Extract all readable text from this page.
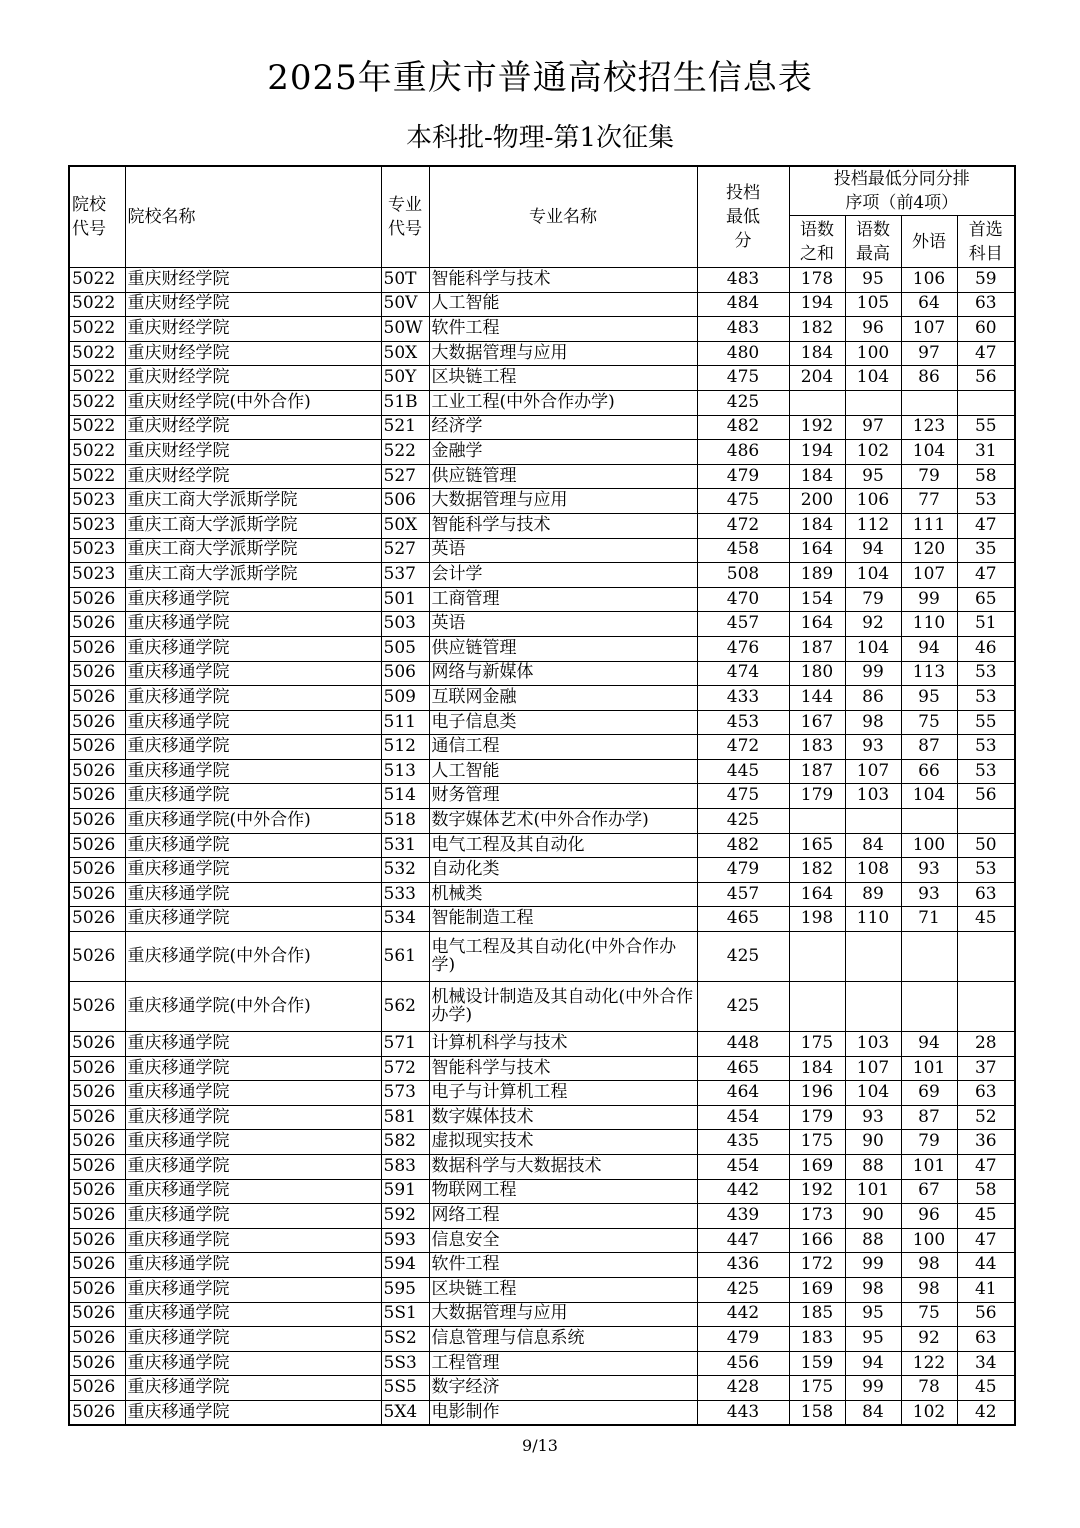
2025年重庆市普通高校招生信息表
本科批-物理-第1次征集
院校代号	院校名称	专业代号	专业名称	投档最低分	投档最低分同分排序项（前4项）			
					语数之和	语数最高	外语	首选科目
5022	重庆财经学院	50T	智能科学与技术	483	178	95	106	59
5022	重庆财经学院	50V	人工智能	484	194	105	64	63
5022	重庆财经学院	50W	软件工程	483	182	96	107	60
5022	重庆财经学院	50X	大数据管理与应用	480	184	100	97	47
5022	重庆财经学院	50Y	区块链工程	475	204	104	86	56
5022	重庆财经学院(中外合作)	51B	工业工程(中外合作办学)	425				
5022	重庆财经学院	521	经济学	482	192	97	123	55
5022	重庆财经学院	522	金融学	486	194	102	104	31
5022	重庆财经学院	527	供应链管理	479	184	95	79	58
5023	重庆工商大学派斯学院	506	大数据管理与应用	475	200	106	77	53
5023	重庆工商大学派斯学院	50X	智能科学与技术	472	184	112	111	47
5023	重庆工商大学派斯学院	527	英语	458	164	94	120	35
5023	重庆工商大学派斯学院	537	会计学	508	189	104	107	47
5026	重庆移通学院	501	工商管理	470	154	79	99	65
5026	重庆移通学院	503	英语	457	164	92	110	51
5026	重庆移通学院	505	供应链管理	476	187	104	94	46
5026	重庆移通学院	506	网络与新媒体	474	180	99	113	53
5026	重庆移通学院	509	互联网金融	433	144	86	95	53
5026	重庆移通学院	511	电子信息类	453	167	98	75	55
5026	重庆移通学院	512	通信工程	472	183	93	87	53
5026	重庆移通学院	513	人工智能	445	187	107	66	53
5026	重庆移通学院	514	财务管理	475	179	103	104	56
5026	重庆移通学院(中外合作)	518	数字媒体艺术(中外合作办学)	425				
5026	重庆移通学院	531	电气工程及其自动化	482	165	84	100	50
5026	重庆移通学院	532	自动化类	479	182	108	93	53
5026	重庆移通学院	533	机械类	457	164	89	93	63
5026	重庆移通学院	534	智能制造工程	465	198	110	71	45
5026	重庆移通学院(中外合作)	561	电气工程及其自动化(中外合作办学)	425				
5026	重庆移通学院(中外合作)	562	机械设计制造及其自动化(中外合作办学)	425				
5026	重庆移通学院	571	计算机科学与技术	448	175	103	94	28
5026	重庆移通学院	572	智能科学与技术	465	184	107	101	37
5026	重庆移通学院	573	电子与计算机工程	464	196	104	69	63
5026	重庆移通学院	581	数字媒体技术	454	179	93	87	52
5026	重庆移通学院	582	虚拟现实技术	435	175	90	79	36
5026	重庆移通学院	583	数据科学与大数据技术	454	169	88	101	47
5026	重庆移通学院	591	物联网工程	442	192	101	67	58
5026	重庆移通学院	592	网络工程	439	173	90	96	45
5026	重庆移通学院	593	信息安全	447	166	88	100	47
5026	重庆移通学院	594	软件工程	436	172	99	98	44
5026	重庆移通学院	595	区块链工程	425	169	98	98	41
5026	重庆移通学院	5S1	大数据管理与应用	442	185	95	75	56
5026	重庆移通学院	5S2	信息管理与信息系统	479	183	95	92	63
5026	重庆移通学院	5S3	工程管理	456	159	94	122	34
5026	重庆移通学院	5S5	数字经济	428	175	99	78	45
5026	重庆移通学院	5X4	电影制作	443	158	84	102	42
9/13
